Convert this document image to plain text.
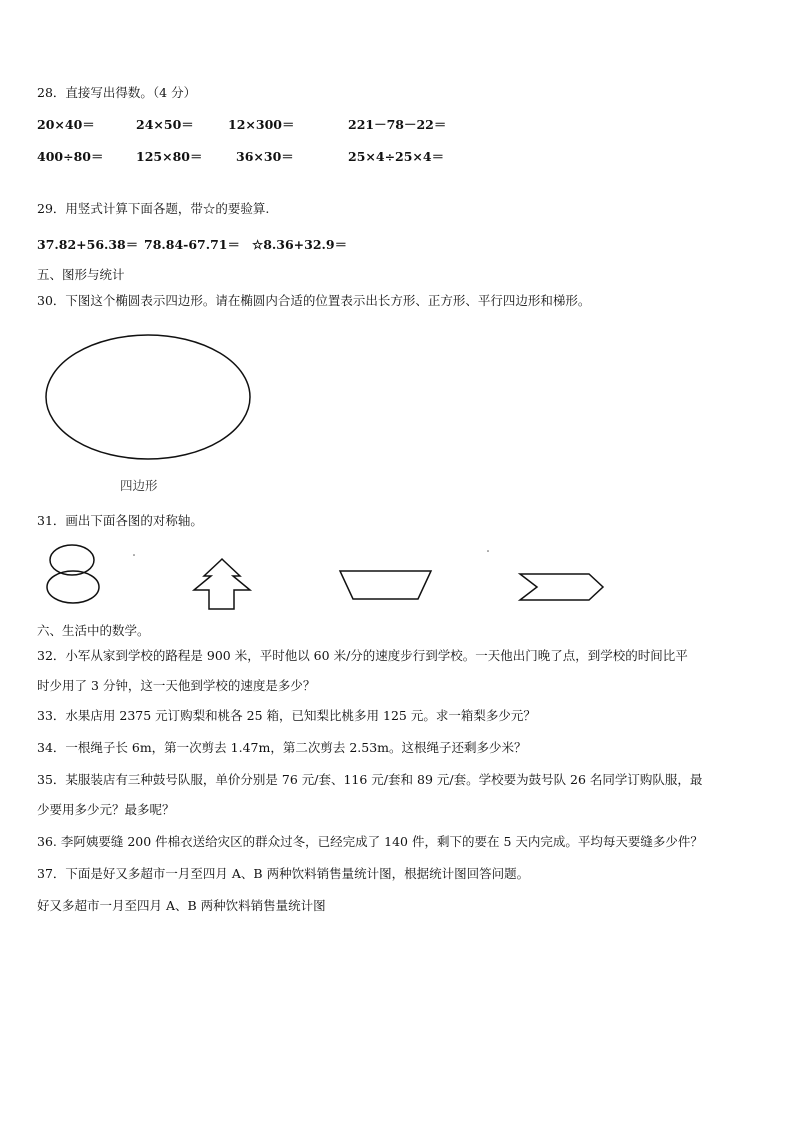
28．直接写出得数。（4 分）
20×40＝	24×50＝	12×300＝	221－78－22＝
400÷80＝	125×80＝	36×30＝	25×4÷25×4＝
29．用竖式计算下面各题，带☆的要验算.
37.82+56.38＝ 78.84-67.71＝ ☆8.36+32.9＝
五、图形与统计
30．下图这个椭圆表示四边形。请在椭圆内合适的位置表示出长方形、正方形、平行四边形和梯形。
四边形
31．画出下面各图的对称轴。
六、生活中的数学。
32．小军从家到学校的路程是 900 米，平时他以 60 米/分的速度步行到学校。一天他出门晚了点，到学校的时间比平
时少用了 3 分钟，这一天他到学校的速度是多少？
33．水果店用 2375 元订购梨和桃各 25 箱，已知梨比桃多用 125 元。求一箱梨多少元？
34．一根绳子长 6m，第一次剪去 1.47m，第二次剪去 2.53m。这根绳子还剩多少米？
35．某服装店有三种鼓号队服，单价分别是 76 元/套、116 元/套和 89 元/套。学校要为鼓号队 26 名同学订购队服，最
少要用多少元？最多呢？
36. 李阿姨要缝 200 件棉衣送给灾区的群众过冬，已经完成了 140 件，剩下的要在 5 天内完成。平均每天要缝多少件？
37．下面是好又多超市一月至四月 A、B 两种饮料销售量统计图，根据统计图回答问题。
好又多超市一月至四月 A、B 两种饮料销售量统计图
